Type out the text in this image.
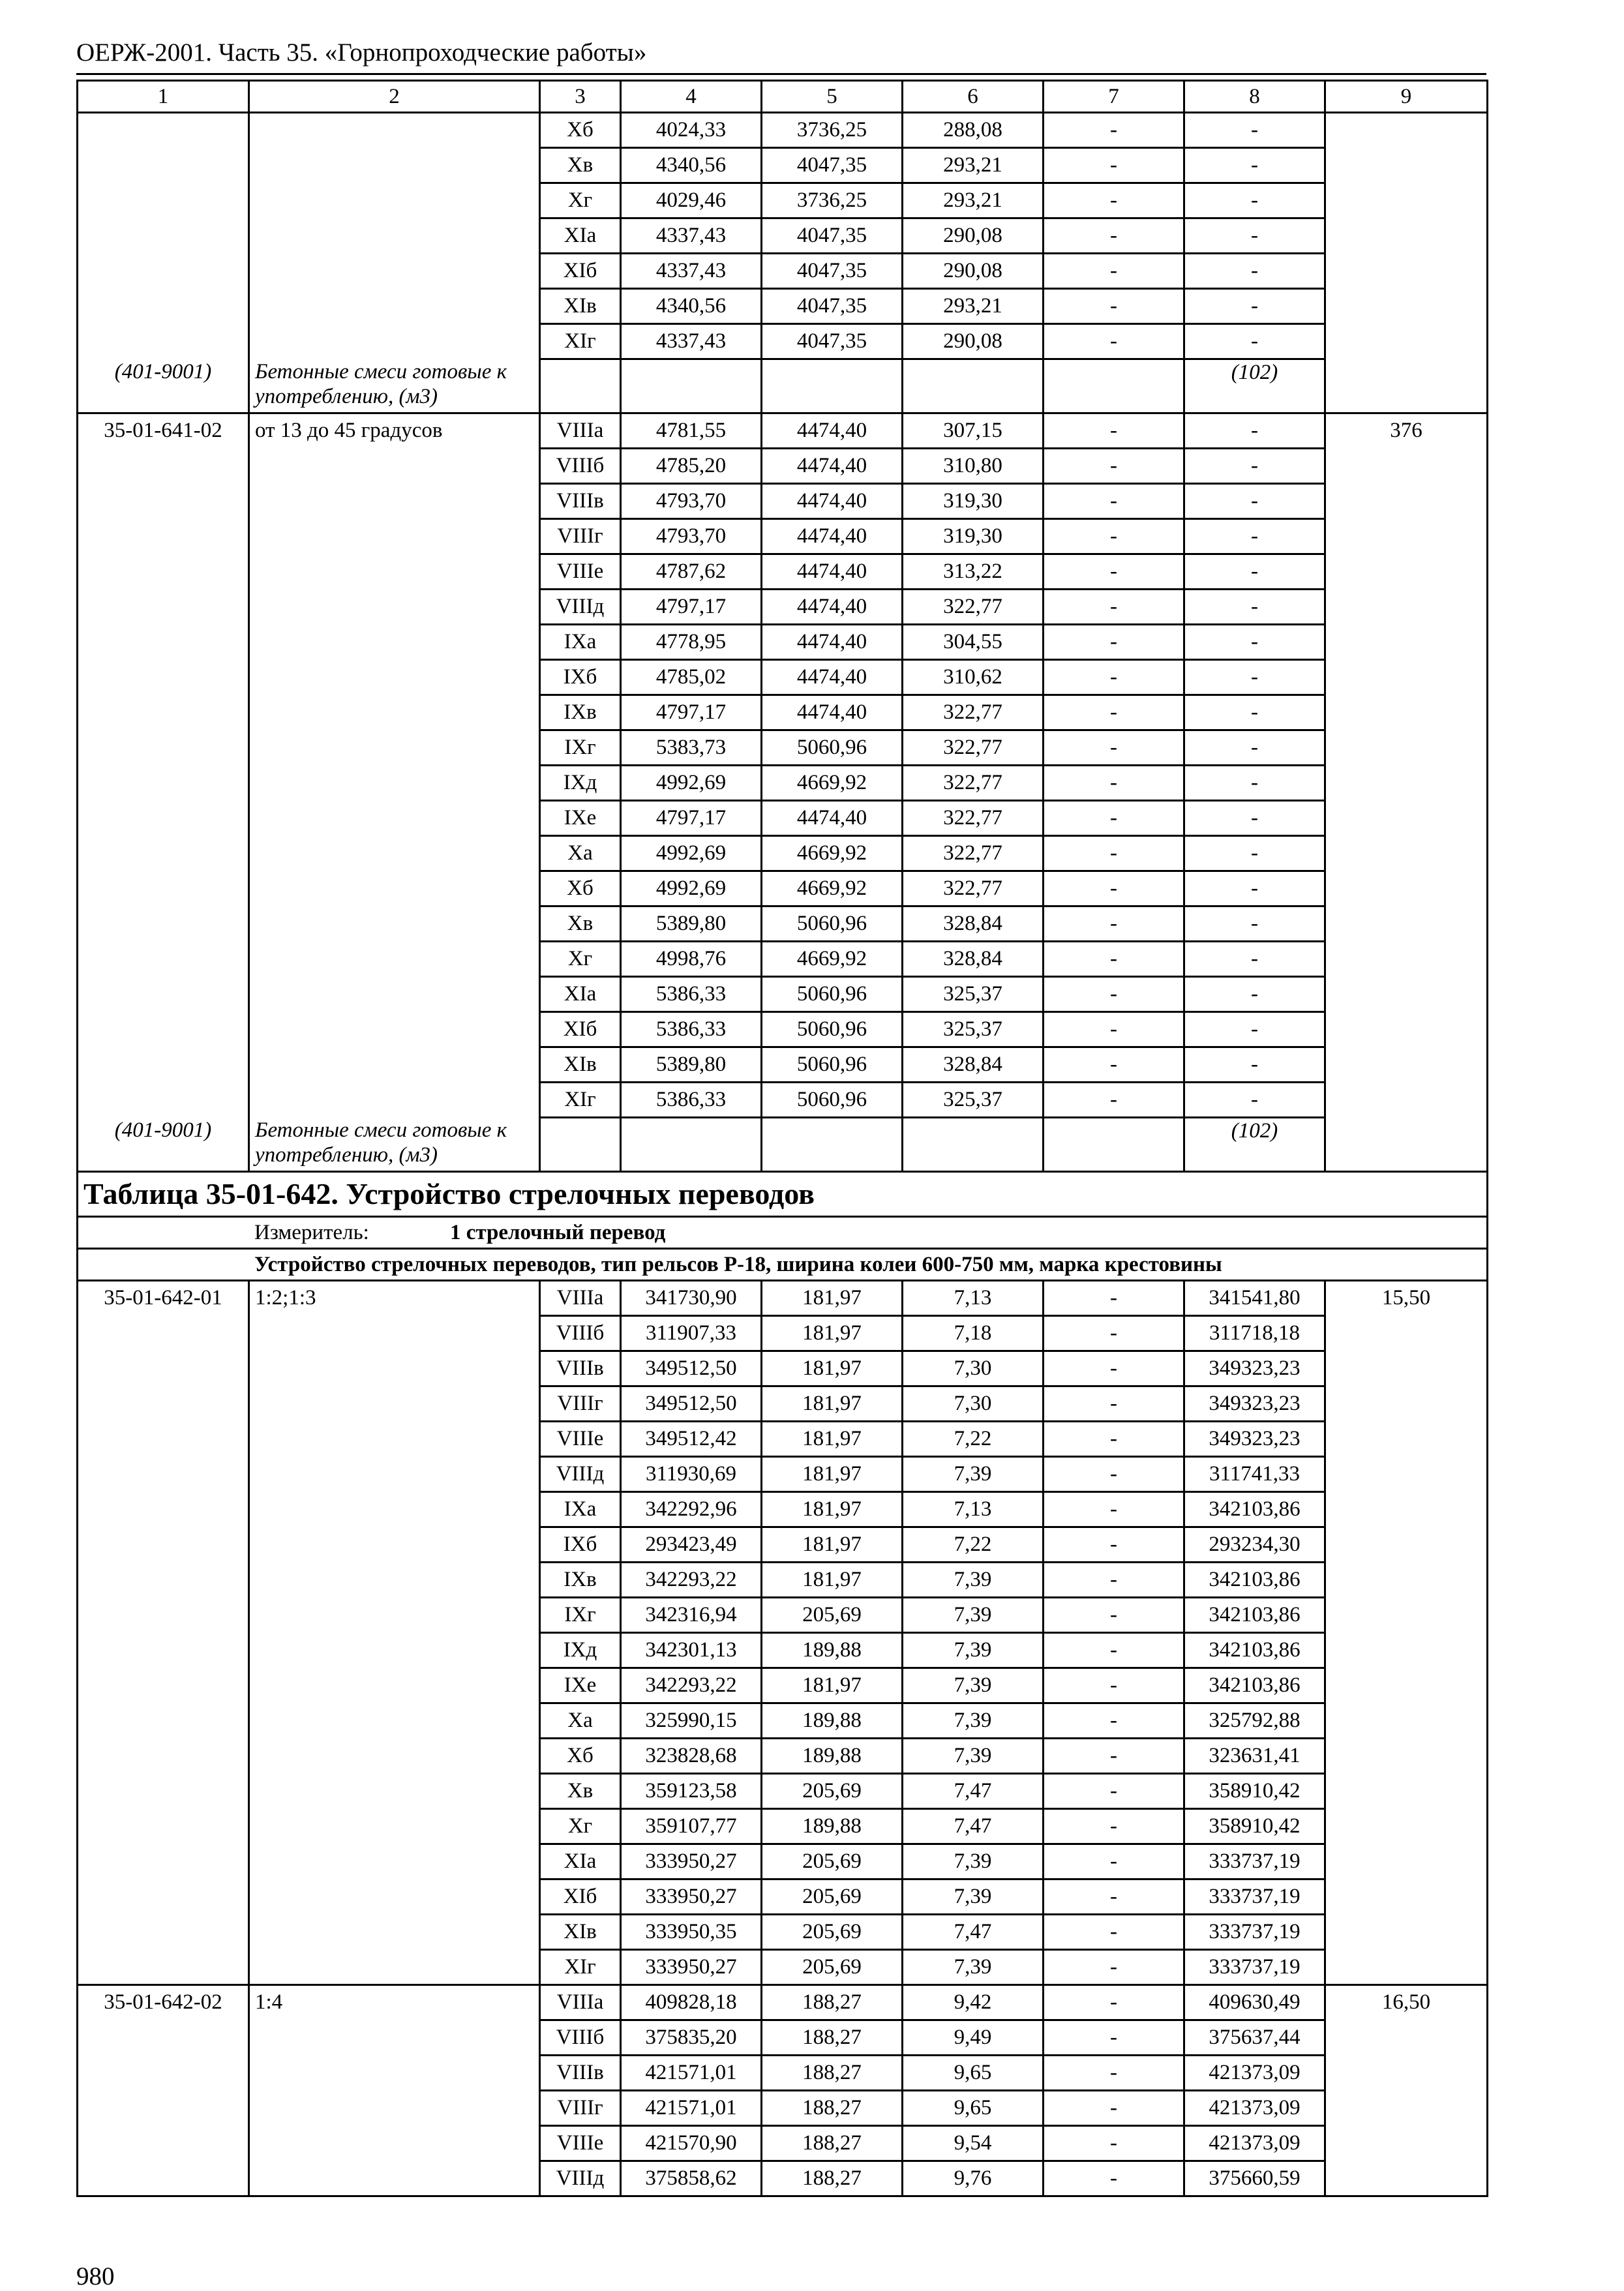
ОЕРЖ-2001. Часть 35. «Горнопроходческие работы»
1	2	3	4	5	6	7	8	9
		Хб	4024,33	3736,25	288,08	-	-	
		Хв	4340,56	4047,35	293,21	-	-	
		Хг	4029,46	3736,25	293,21	-	-	
		ХIа	4337,43	4047,35	290,08	-	-	
		ХIб	4337,43	4047,35	290,08	-	-	
		ХIв	4340,56	4047,35	293,21	-	-	
		ХIг	4337,43	4047,35	290,08	-	-	
(401-9001)	Бетонные смеси готовые к употреблению, (м3)						(102)	
35-01-641-02	от 13 до 45 градусов	VIIIа	4781,55	4474,40	307,15	-	-	376
		VIIIб	4785,20	4474,40	310,80	-	-	
		VIIIв	4793,70	4474,40	319,30	-	-	
		VIIIг	4793,70	4474,40	319,30	-	-	
		VIIIе	4787,62	4474,40	313,22	-	-	
		VIIIд	4797,17	4474,40	322,77	-	-	
		IХа	4778,95	4474,40	304,55	-	-	
		IХб	4785,02	4474,40	310,62	-	-	
		IХв	4797,17	4474,40	322,77	-	-	
		IХг	5383,73	5060,96	322,77	-	-	
		IХд	4992,69	4669,92	322,77	-	-	
		IХе	4797,17	4474,40	322,77	-	-	
		Ха	4992,69	4669,92	322,77	-	-	
		Хб	4992,69	4669,92	322,77	-	-	
		Хв	5389,80	5060,96	328,84	-	-	
		Хг	4998,76	4669,92	328,84	-	-	
		ХIа	5386,33	5060,96	325,37	-	-	
		ХIб	5386,33	5060,96	325,37	-	-	
		ХIв	5389,80	5060,96	328,84	-	-	
		ХIг	5386,33	5060,96	325,37	-	-	
(401-9001)	Бетонные смеси готовые к употреблению, (м3)						(102)	
Таблица 35-01-642. Устройство стрелочных переводов								
Измеритель: 1 стрелочный перевод								
Устройство стрелочных переводов, тип рельсов Р-18, ширина колеи 600-750 мм, марка крестовины								
35-01-642-01	1:2;1:3	VIIIа	341730,90	181,97	7,13	-	341541,80	15,50
		VIIIб	311907,33	181,97	7,18	-	311718,18	
		VIIIв	349512,50	181,97	7,30	-	349323,23	
		VIIIг	349512,50	181,97	7,30	-	349323,23	
		VIIIе	349512,42	181,97	7,22	-	349323,23	
		VIIIд	311930,69	181,97	7,39	-	311741,33	
		IХа	342292,96	181,97	7,13	-	342103,86	
		IХб	293423,49	181,97	7,22	-	293234,30	
		IХв	342293,22	181,97	7,39	-	342103,86	
		IХг	342316,94	205,69	7,39	-	342103,86	
		IХд	342301,13	189,88	7,39	-	342103,86	
		IХе	342293,22	181,97	7,39	-	342103,86	
		Ха	325990,15	189,88	7,39	-	325792,88	
		Хб	323828,68	189,88	7,39	-	323631,41	
		Хв	359123,58	205,69	7,47	-	358910,42	
		Хг	359107,77	189,88	7,47	-	358910,42	
		ХIа	333950,27	205,69	7,39	-	333737,19	
		ХIб	333950,27	205,69	7,39	-	333737,19	
		ХIв	333950,35	205,69	7,47	-	333737,19	
		ХIг	333950,27	205,69	7,39	-	333737,19	
35-01-642-02	1:4	VIIIа	409828,18	188,27	9,42	-	409630,49	16,50
		VIIIб	375835,20	188,27	9,49	-	375637,44	
		VIIIв	421571,01	188,27	9,65	-	421373,09	
		VIIIг	421571,01	188,27	9,65	-	421373,09	
		VIIIе	421570,90	188,27	9,54	-	421373,09	
		VIIIд	375858,62	188,27	9,76	-	375660,59	
980
